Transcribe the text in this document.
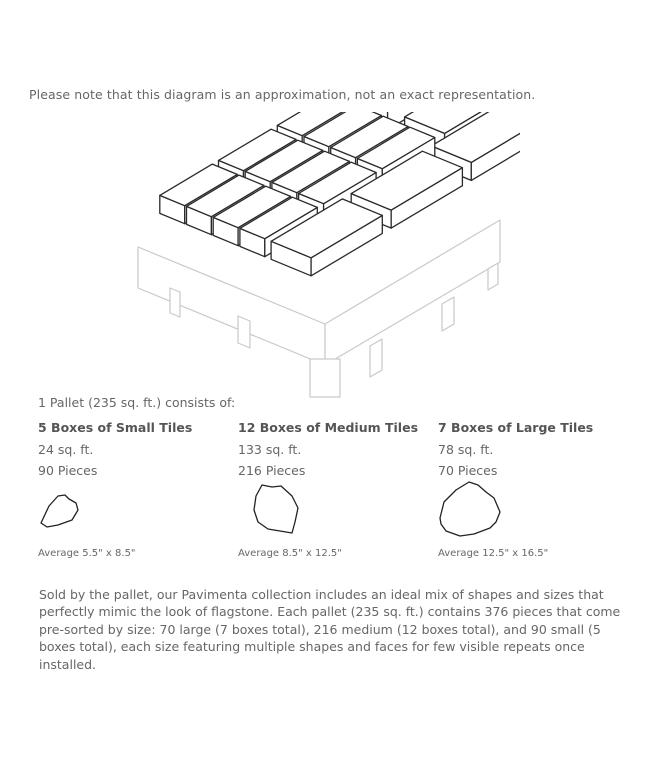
Please note that this diagram is an approximation, not an exact representation.
1 Pallet (235 sq. ft.) consists of:
5 Boxes of Small Tiles
24 sq. ft.
90 Pieces
12 Boxes of Medium Tiles
133 sq. ft.
216 Pieces
7 Boxes of Large Tiles
78 sq. ft.
70 Pieces
Average 5.5" x 8.5"	Average 8.5" x 12.5"	Average 12.5" x 16.5"

Sold by the pallet, our Pavimenta collection includes an ideal mix of shapes and sizes that perfectly mimic the look of flagstone. Each pallet (235 sq. ft.) contains 376 pieces that come pre-sorted by size: 70 large (7 boxes total), 216 medium (12 boxes total), and 90 small (5 boxes total), each size featuring multiple shapes and faces for few visible repeats once installed.
